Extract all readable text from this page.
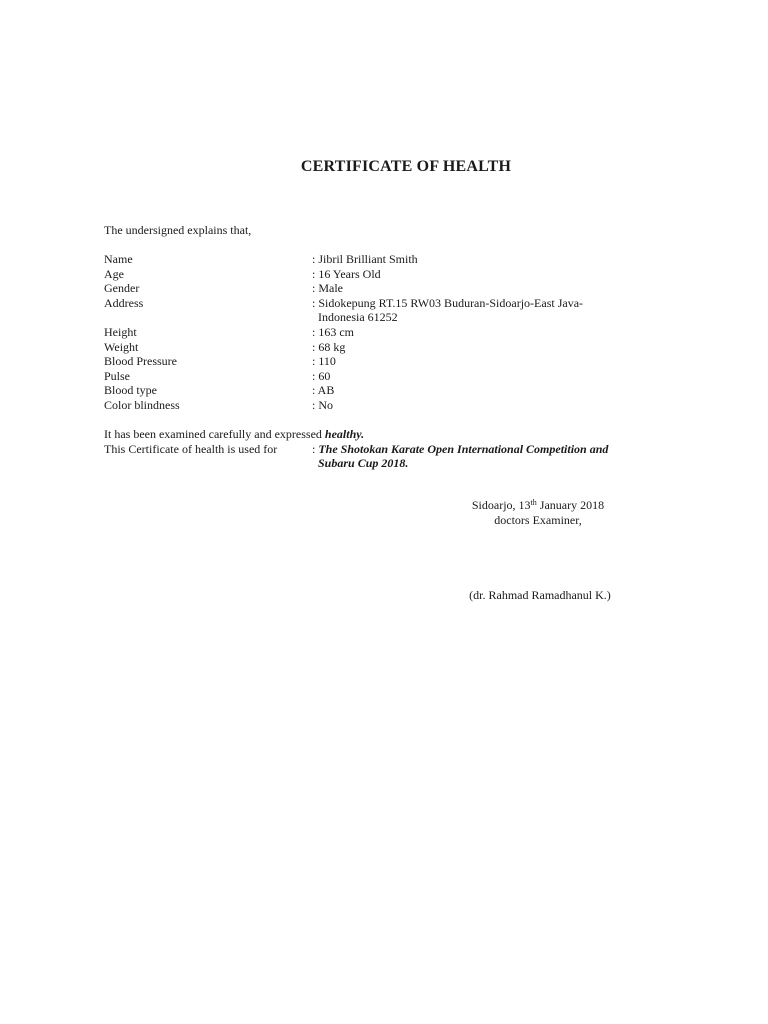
CERTIFICATE OF HEALTH
The undersigned explains that,
Name	: Jibril Brilliant Smith
Age	: 16 Years Old
Gender	: Male
Address	: Sidokepung RT.15 RW03 Buduran-Sidoarjo-East Java-
Indonesia 61252
Height	: 163 cm
Weight	: 68 kg
Blood Pressure	: 110
Pulse	: 60
Blood type	: AB
Color blindness	: No
It has been examined carefully and expressed healthy.
This Certificate of health is used for	: The Shotokan Karate Open International Competition and
Subaru Cup 2018.
Sidoarjo, 13th January 2018
doctors Examiner,
(dr. Rahmad Ramadhanul K.)
